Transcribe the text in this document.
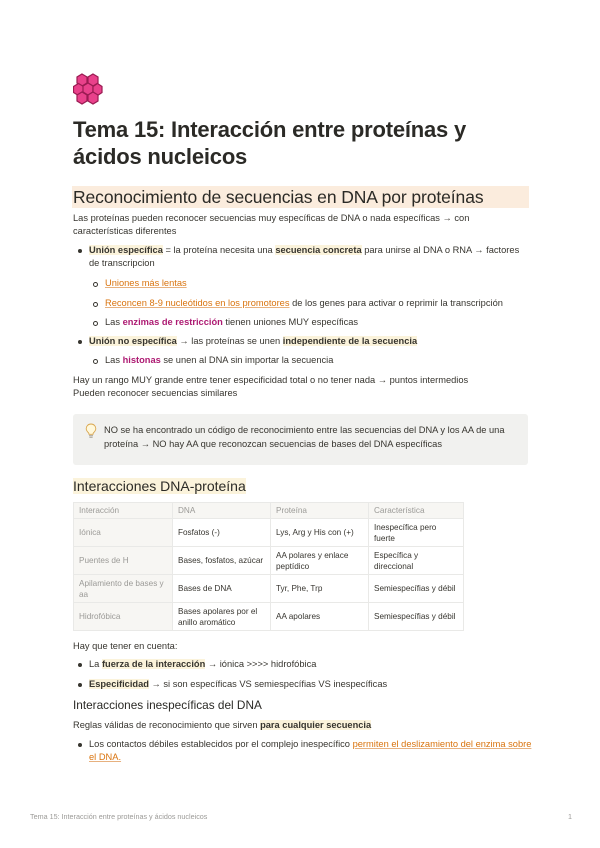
Tema 15: Interacción entre proteínas y ácidos nucleicos
Reconocimiento de secuencias en DNA por proteínas
Las proteínas pueden reconocer secuencias muy específicas de DNA o nada específicas → con características diferentes
Unión específica = la proteína necesita una secuencia concreta para unirse al DNA o RNA → factores de transcripcion
Uniones más lentas
Reconcen 8-9 nucleótidos en los promotores de los genes para activar o reprimir la transcripción
Las enzimas de restricción tienen uniones MUY específicas
Unión no específica → las proteínas se unen independiente de la secuencia
Las histonas se unen al DNA sin importar la secuencia
Hay un rango MUY grande entre tener especificidad total o no tener nada → puntos intermedios
Pueden reconocer secuencias similares
NO se ha encontrado un código de reconocimiento entre las secuencias del DNA y los AA de una proteína → NO hay AA que reconozcan secuencias de bases del DNA específicas
Interacciones DNA-proteína
Interacción	DNA	Proteína	Característica
Iónica	Fosfatos (-)	Lys, Arg y His con (+)	Inespecífica pero fuerte
Puentes de H	Bases, fosfatos, azúcar	AA polares y enlace peptídico	Específica y direccional
Apilamiento de bases y aa	Bases de DNA	Tyr, Phe, Trp	Semiespecífias y débil
Hidrofóbica	Bases apolares por el anillo aromático	AA apolares	Semiespecífias y débil
Hay que tener en cuenta:
La fuerza de la interacción → iónica >>>> hidrofóbica
Especificidad → si son específicas VS semiespecífias VS inespecíficas
Interacciones inespecíficas del DNA
Reglas válidas de reconocimiento que sirven para cualquier secuencia
Los contactos débiles establecidos por el complejo inespecífico permiten el deslizamiento del enzima sobre el DNA.
Tema 15: Interacción entre proteínas y ácidos nucleicos	1
